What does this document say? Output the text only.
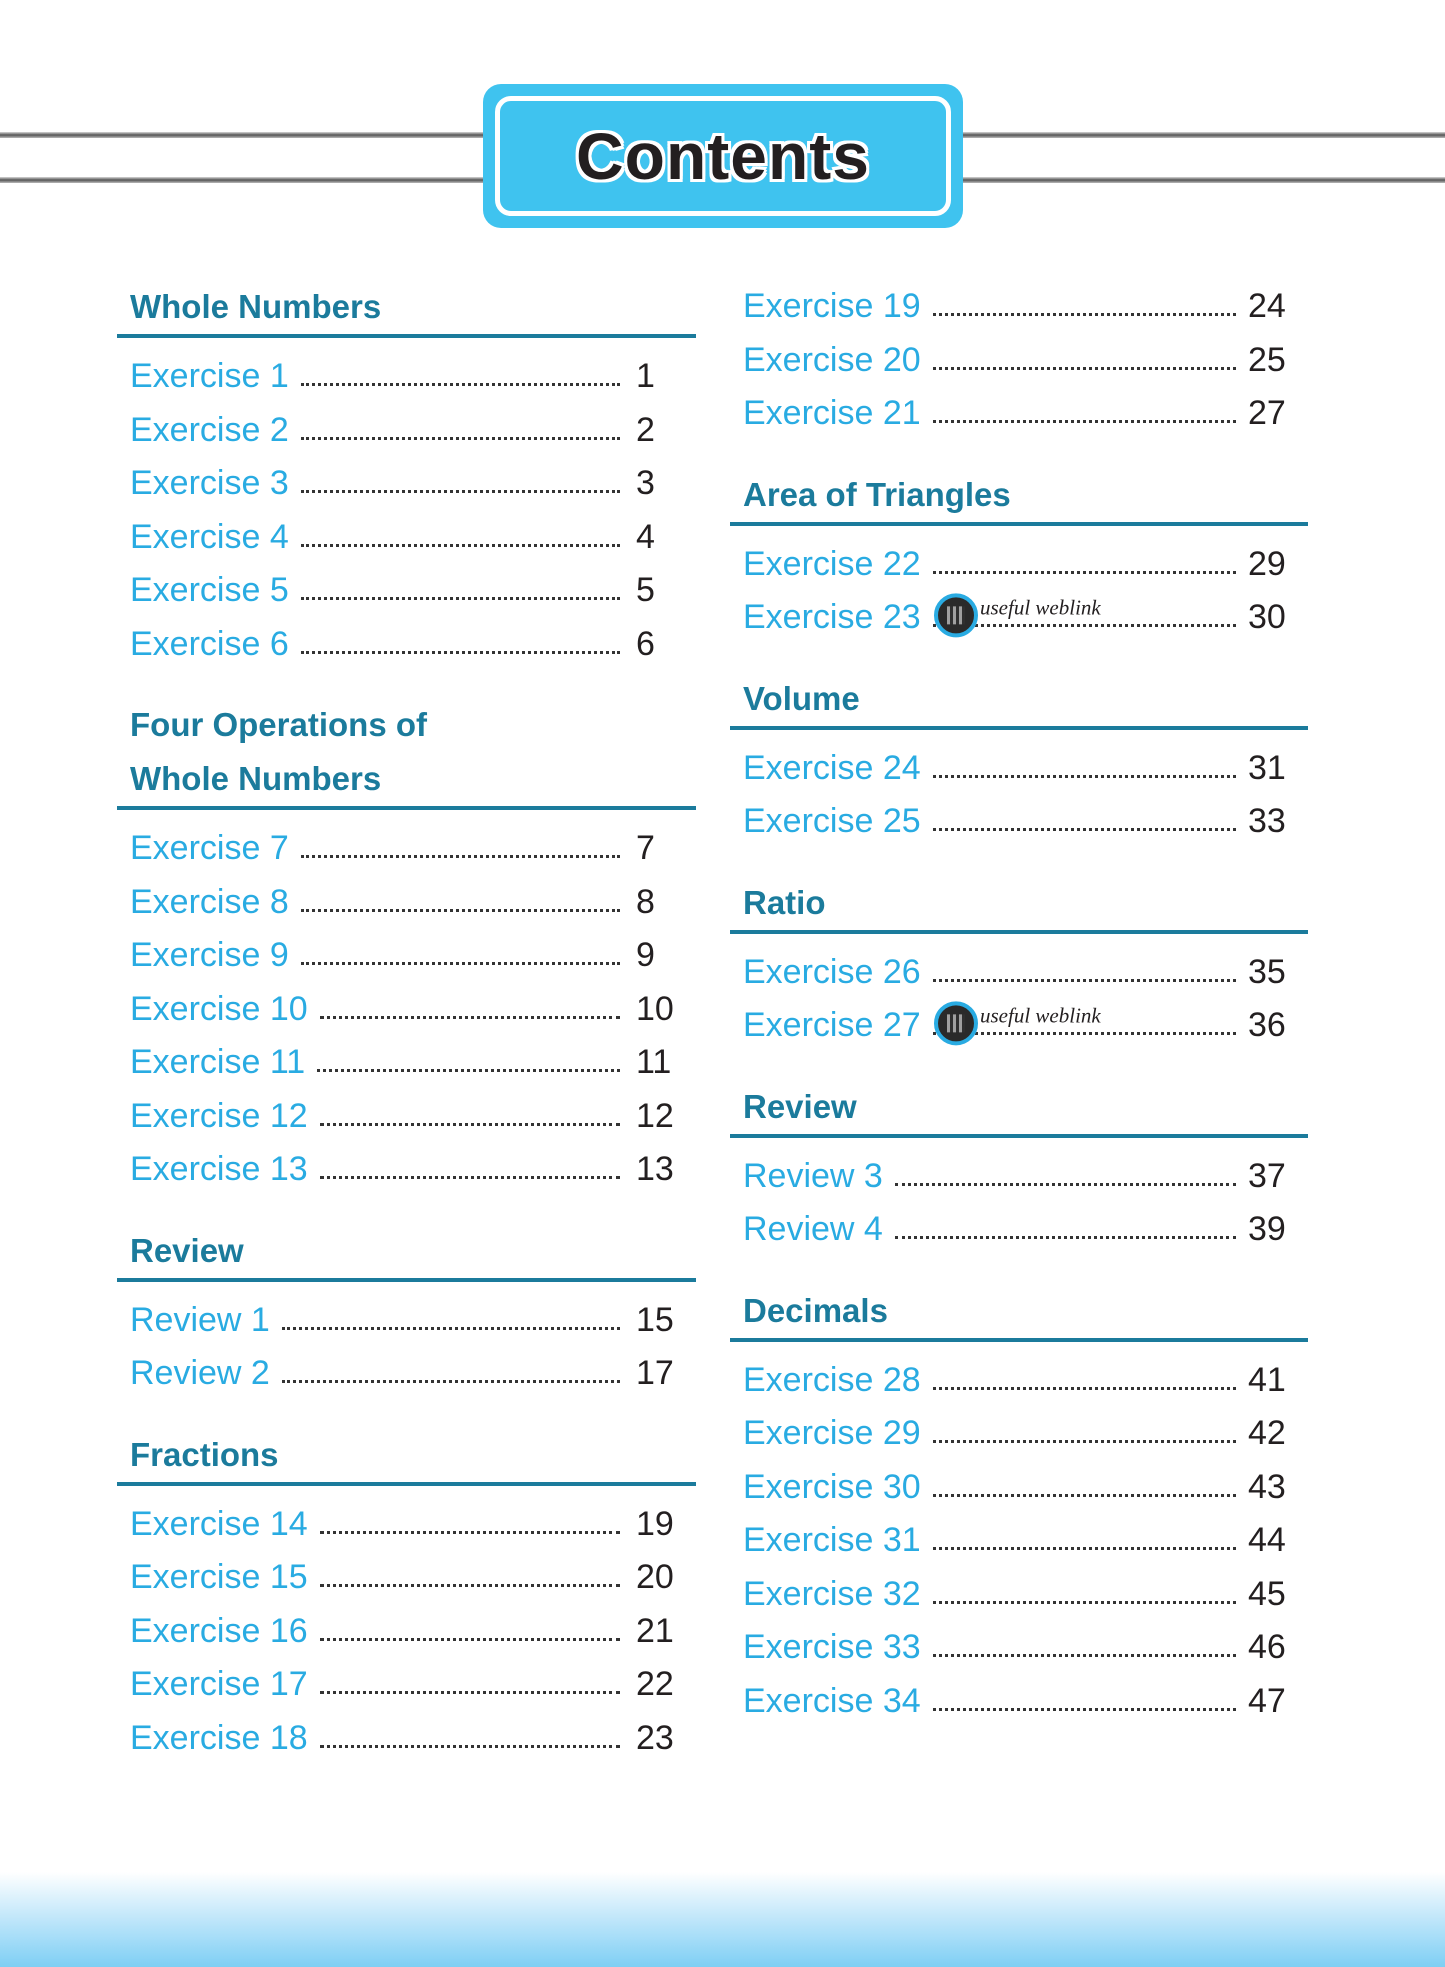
Contents
Whole Numbers
Exercise 1	1
Exercise 2	2
Exercise 3	3
Exercise 4	4
Exercise 5	5
Exercise 6	6
Four Operations of Whole Numbers
Exercise 7	7
Exercise 8	8
Exercise 9	9
Exercise 10	10
Exercise 11	11
Exercise 12	12
Exercise 13	13
Review
Review 1	15
Review 2	17
Fractions
Exercise 14	19
Exercise 15	20
Exercise 16	21
Exercise 17	22
Exercise 18	23
Exercise 19	24
Exercise 20	25
Exercise 21	27
Area of Triangles
Exercise 22	29
Exercise 23	30
useful weblink
Volume
Exercise 24	31
Exercise 25	33
Ratio
Exercise 26	35
Exercise 27	36
useful weblink
Review
Review 3	37
Review 4	39
Decimals
Exercise 28	41
Exercise 29	42
Exercise 30	43
Exercise 31	44
Exercise 32	45
Exercise 33	46
Exercise 34	47
